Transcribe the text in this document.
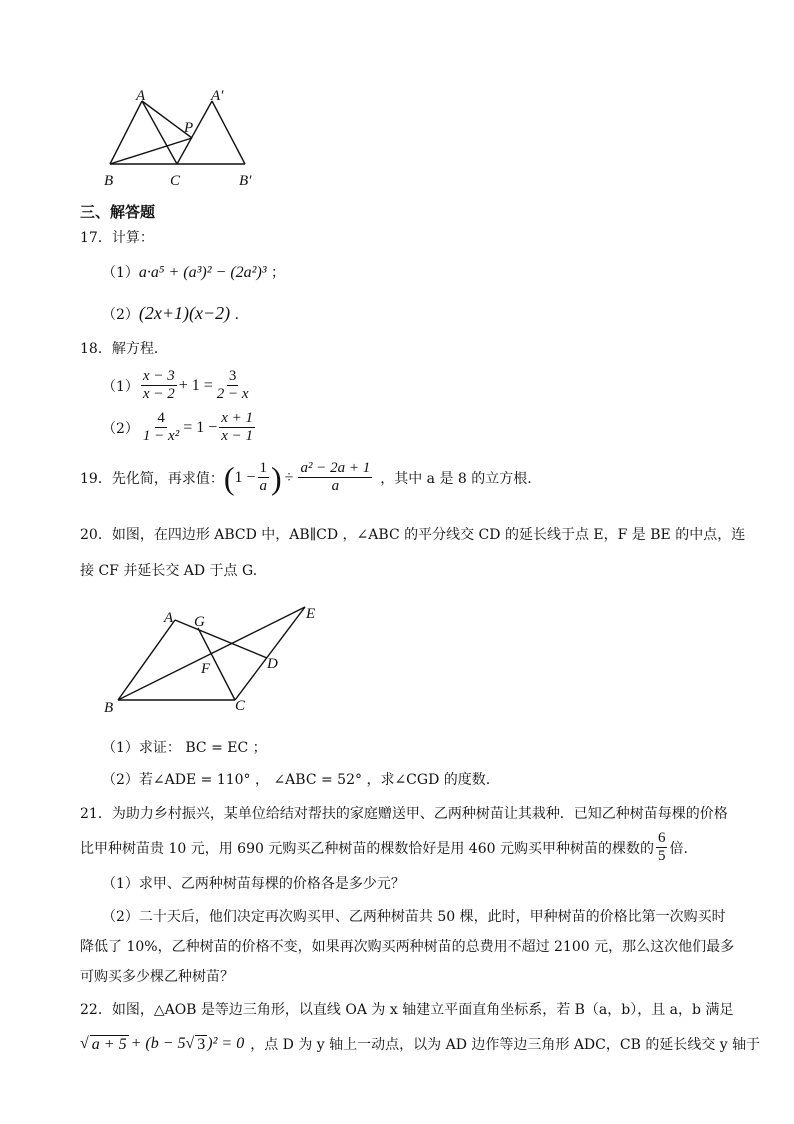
A	A′
P
B	C	B′
三、解答题
17．计算：
（1）a·a⁵ + (a³)² − (2a²)³ ；
（2）(2x+1)(x−2) ．
18．解方程．
$(1) \frac{x - 3}{x - 2} + 1 = \frac{3}{2 - x}$
$(2) \frac{4}{\text{1 − x²}} = 1 - \frac{x + 1}{x - 1}$
19．先化简，再求值： ( $1 - \frac{1}{a}$ ) ÷ $\frac{\text{a² − 2a + 1}}{a}$ ，其中 a 是 8 的立方根.
20．如图，在四边形 ABCD 中，AB∥CD ，∠ABC 的平分线交 CD 的延长线于点 E，F 是 BE 的中点，连
接 CF 并延长交 AD 于点 G.
A G	E
F	D
B	C
（1）求证： BC = EC ；
（2）若∠ADE = 110° ， ∠ABC = 52° ，求∠CGD 的度数.
21．为助力乡村振兴，某单位给结对帮扶的家庭赠送甲、乙两种树苗让其栽种．已知乙种树苗每棵的价格
比甲种树苗贵 10 元，用 690 元购买乙种树苗的棵数恰好是用 460 元购买甲种树苗的棵数的 $\frac{6}{5}$ 倍.
（1）求甲、乙两种树苗每棵的价格各是多少元？
（2）二十天后，他们决定再次购买甲、乙两种树苗共 50 棵，此时，甲种树苗的价格比第一次购买时
降低了 10%，乙种树苗的价格不变，如果再次购买两种树苗的总费用不超过 2100 元，那么这次他们最多
可购买多少棵乙种树苗？
22．如图，△AOB 是等边三角形，以直线 OA 为 x 轴建立平面直角坐标系，若 B（a，b），且 a，b 满足
√ a + 5 + (b − 5 √ 3 )² = 0 ，点 D 为 y 轴上一动点，以为 AD 边作等边三角形 ADC，CB 的延长线交 y 轴于
